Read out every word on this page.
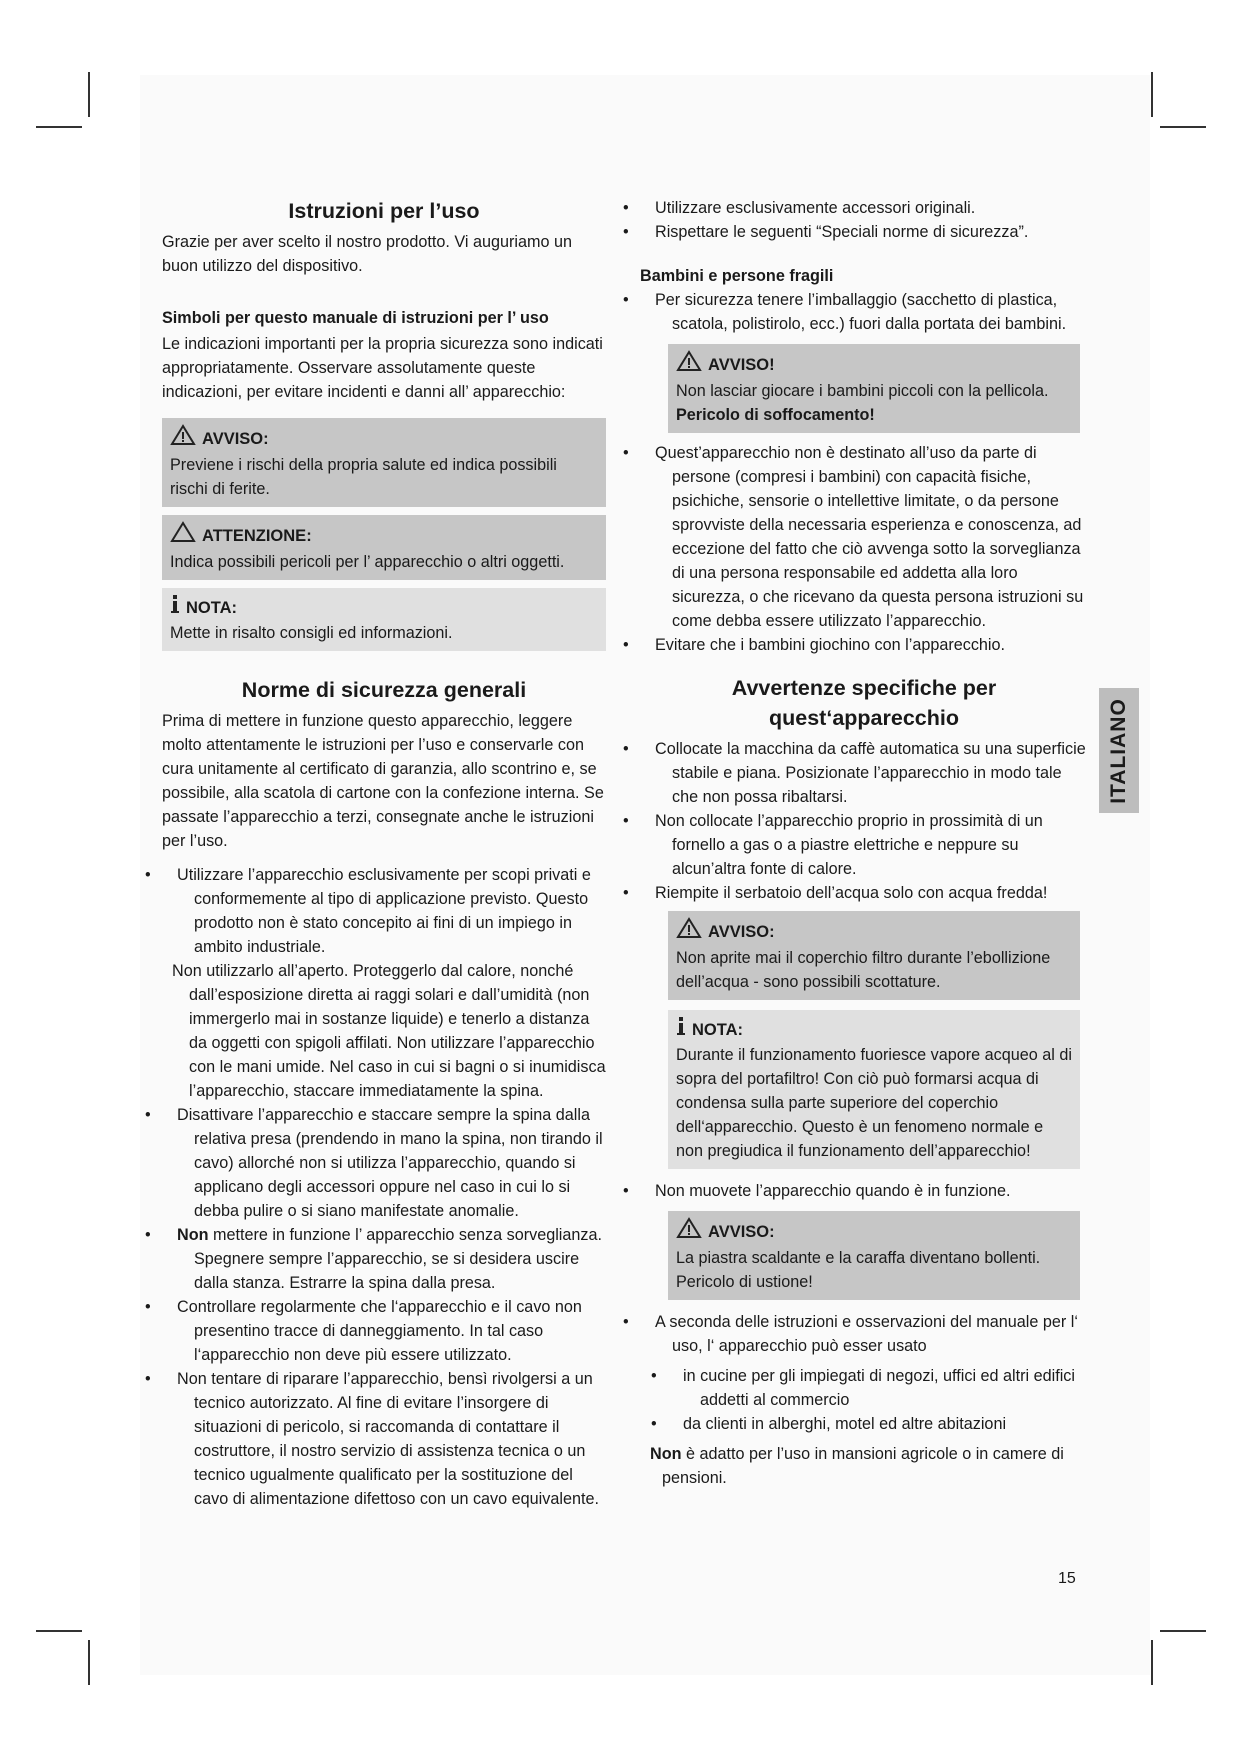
Istruzioni per l’uso

Grazie per aver scelto il nostro prodotto. Vi auguriamo un buon utilizzo del dispositivo.

Simboli per questo manuale di istruzioni per l’ uso

Le indicazioni importanti per la propria sicurezza sono indicati appropriatamente. Osservare assolutamente queste indicazioni, per evitare incidenti e danni all’ apparecchio:

AVVISO:

Previene i rischi della propria salute ed indica possibili rischi di ferite.

ATTENZIONE:

Indica possibili pericoli per l’ apparecchio o altri oggetti.

NOTA:

Mette in risalto consigli ed informazioni.

Norme di sicurezza generali

Prima di mettere in funzione questo apparecchio, leggere molto attentamente le istruzioni per l’uso e conservarle con cura unitamente al certificato di garanzia, allo scontrino e, se possibile, alla scatola di cartone con la confezione interna. Se passate l’apparecchio a terzi, consegnate anche le istruzioni per l’uso.

• Utilizzare l’apparecchio esclusivamente per scopi privati e conformemente al tipo di applicazione previsto. Questo prodotto non è stato concepito ai fini di un impiego in ambito industriale.

Non utilizzarlo all’aperto. Proteggerlo dal calore, nonché dall’esposizione diretta ai raggi solari e dall’umidità (non immergerlo mai in sostanze liquide) e tenerlo a distanza da oggetti con spigoli affilati. Non utilizzare l’apparecchio con le mani umide. Nel caso in cui si bagni o si inumidisca l’apparecchio, staccare immediatamente la spina.

• Disattivare l’apparecchio e staccare sempre la spina dalla relativa presa (prendendo in mano la spina, non tirando il cavo) allorché non si utilizza l’apparecchio, quando si applicano degli accessori oppure nel caso in cui lo si debba pulire o si siano manifestate anomalie.
• Non mettere in funzione l’ apparecchio senza sorveglianza. Spegnere sempre l’apparecchio, se si desidera uscire dalla stanza. Estrarre la spina dalla presa.
• Controllare regolarmente che l‘apparecchio e il cavo non presentino tracce di danneggiamento. In tal caso l‘apparecchio non deve più essere utilizzato.
• Non tentare di riparare l’apparecchio, bensì rivolgersi a un tecnico autorizzato. Al fine di evitare l’insorgere di situazioni di pericolo, si raccomanda di contattare il costruttore, il nostro servizio di assistenza tecnica o un tecnico ugualmente qualificato per la sostituzione del cavo di alimentazione difettoso con un cavo equivalente.
• Utilizzare esclusivamente accessori originali.
• Rispettare le seguenti “Speciali norme di sicurezza”.

Bambini e persone fragili

• Per sicurezza tenere l’imballaggio (sacchetto di plastica, scatola, polistirolo, ecc.) fuori dalla portata dei bambini.
AVVISO!

Non lasciar giocare i bambini piccoli con la pellicola.

Pericolo di soffocamento!

• Quest’apparecchio non è destinato all’uso da parte di persone (compresi i bambini) con capacità fisiche, psichiche, sensorie o intellettive limitate, o da persone sprovviste della necessaria esperienza e conoscenza, ad eccezione del fatto che ciò avvenga sotto la sorveglianza di una persona responsabile ed addetta alla loro sicurezza, o che ricevano da questa persona istruzioni su come debba essere utilizzato l’apparecchio.
• Evitare che i bambini giochino con l’apparecchio.
Avvertenze specifiche per quest‘apparecchio
• Collocate la macchina da caffè automatica su una superficie stabile e piana. Posizionate l’apparecchio in modo tale che non possa ribaltarsi.
• Non collocate l’apparecchio proprio in prossimità di un fornello a gas o a piastre elettriche e neppure su alcun’altra fonte di calore.
• Riempite il serbatoio dell’acqua solo con acqua fredda!
AVVISO:

Non aprite mai il coperchio filtro durante l’ebollizione dell’acqua - sono possibili scottature.

NOTA:

Durante il funzionamento fuoriesce vapore acqueo al di sopra del portafiltro! Con ciò può formarsi acqua di condensa sulla parte superiore del coperchio dell‘apparecchio. Questo è un fenomeno normale e non pregiudica il funzionamento dell’apparecchio!

• Non muovete l’apparecchio quando è in funzione.
AVVISO:

La piastra scaldante e la caraffa diventano bollenti. Pericolo di ustione!

• A seconda delle istruzioni e osservazioni del manuale per l‘ uso, l‘ apparecchio può esser usato
• in cucine per gli impiegati di negozi, uffici ed altri edifici addetti al commercio
• da clienti in alberghi, motel ed altre abitazioni

Non è adatto per l’uso in mansioni agricole o in camere di pensioni.

ITALIANO
15
